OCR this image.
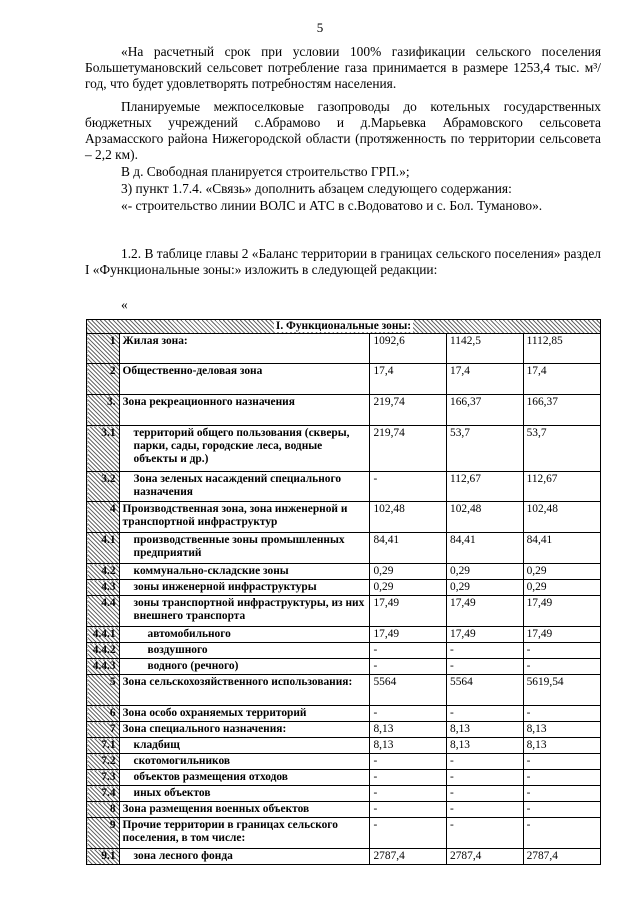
5

«На расчетный срок при условии 100% газификации сельского поселения Большетумановский сельсовет потребление газа принимается в размере 1253,4 тыс. м³/год, что будет удовлетворять потребностям населения.

Планируемые межпоселковые газопроводы до котельных государственных бюджетных учреждений с.Абрамово и д.Марьевка Абрамовского сельсовета Арзамасского района Нижегородской области (протяженность по территории сельсовета – 2,2 км).

В д. Свободная планируется строительство ГРП.»;

3) пункт 1.7.4. «Связь» дополнить абзацем следующего содержания:

«- строительство линии ВОЛС и АТС в с.Водоватово и с. Бол. Туманово».

1.2. В таблице главы 2 «Баланс территории в границах сельского поселения» раздел I «Функциональные зоны:» изложить в следующей редакции:

«

I. Функциональные зоны:				
1	Жилая зона:	1092,6	1142,5	1112,85
2	Общественно-деловая зона	17,4	17,4	17,4
3.	Зона рекреационного назначения	219,74	166,37	166,37
3.1	территорий общего пользования (скверы, парки, сады, городские леса, водные объекты и др.)	219,74	53,7	53,7
3.2	Зона зеленых насаждений специального назначения	-	112,67	112,67
4	Производственная зона, зона инженерной и транспортной инфраструктур	102,48	102,48	102,48
4.1	производственные зоны промышленных предприятий	84,41	84,41	84,41
4.2	коммунально-складские зоны	0,29	0,29	0,29
4.3	зоны инженерной инфраструктуры	0,29	0,29	0,29
4.4	зоны транспортной инфраструктуры, из них внешнего транспорта	17,49	17,49	17,49
4.4.1	автомобильного	17,49	17,49	17,49
4.4.2	воздушного	-	-	-
4.4.3	водного (речного)	-	-	-
5	Зона сельскохозяйственного использования:	5564	5564	5619,54
6	Зона особо охраняемых территорий	-	-	-
7	Зона специального назначения:	8,13	8,13	8,13
7.1	кладбищ	8,13	8,13	8,13
7.2	скотомогильников	-	-	-
7.3	объектов размещения отходов	-	-	-
7.4	иных объектов	-	-	-
8	Зона размещения военных объектов	-	-	-
9	Прочие территории в границах сельского поселения, в том числе:	-	-	-
9.1	зона лесного фонда	2787,4	2787,4	2787,4
